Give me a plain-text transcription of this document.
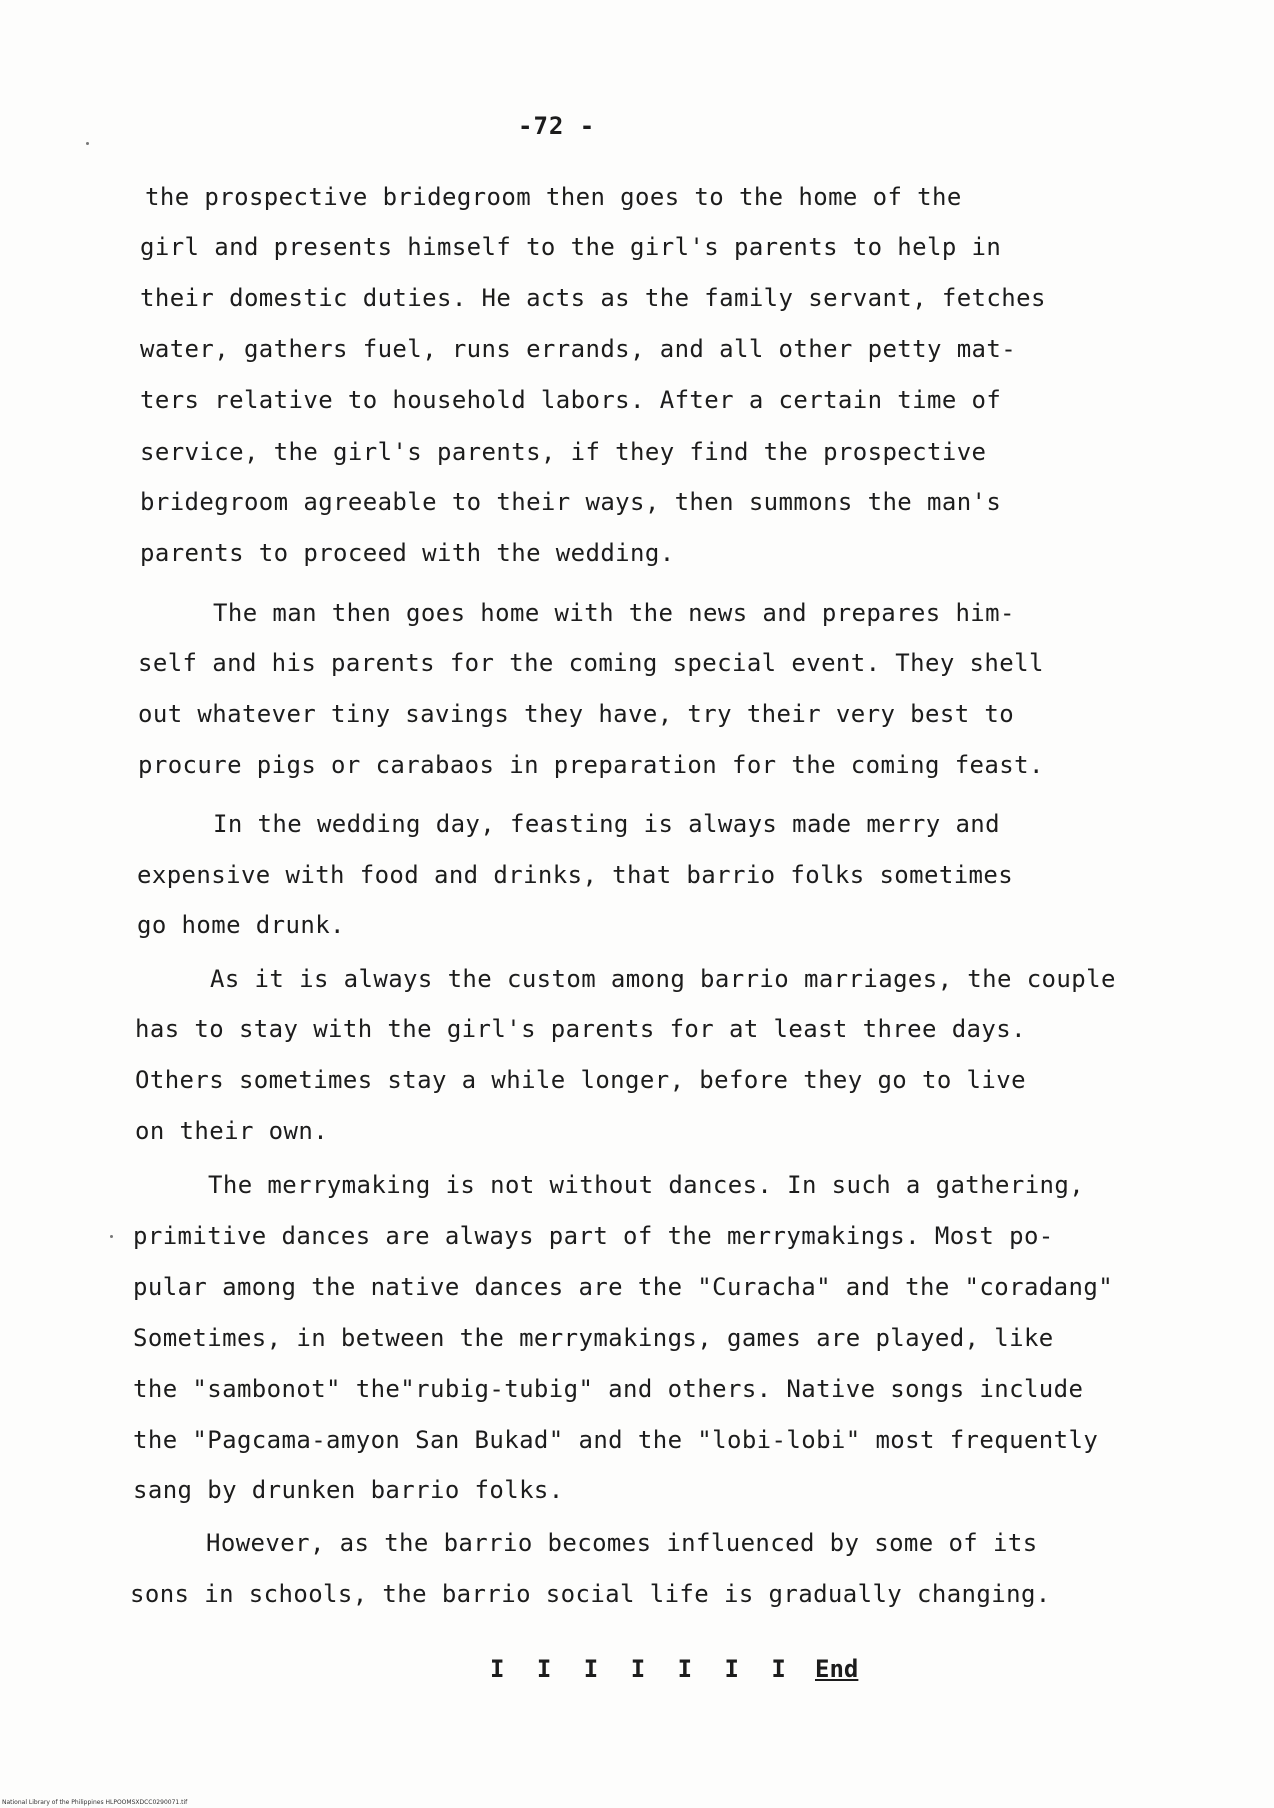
-72 -
the prospective bridegroom then goes to the home of the
girl and presents himself to the girl's parents to help in
their domestic duties. He acts as the family servant, fetches
water, gathers fuel, runs errands, and all other petty mat-
ters relative to household labors. After a certain time of
service, the girl's parents, if they find the prospective
bridegroom agreeable to their ways, then summons the man's
parents to proceed with the wedding.
The man then goes home with the news and prepares him-
self and his parents for the coming special event. They shell
out whatever tiny savings they have, try their very best to
procure pigs or carabaos in preparation for the coming feast.
In the wedding day, feasting is always made merry and
expensive with food and drinks, that barrio folks sometimes
go home drunk.
As it is always the custom among barrio marriages, the couple
has to stay with the girl's parents for at least three days.
Others sometimes stay a while longer, before they go to live
on their own.
The merrymaking is not without dances. In such a gathering,
primitive dances are always part of the merrymakings. Most po-
pular among the native dances are the "Curacha" and the "coradang"
Sometimes, in between the merrymakings, games are played, like
the "sambonot" the"rubig-tubig" and others. Native songs include
the "Pagcama-amyon San Bukad" and the "lobi-lobi" most frequently
sang by drunken barrio folks.
However, as the barrio becomes influenced by some of its
sons in schools, the barrio social life is gradually changing.
I I I I I I I End
National Library of the Philippines HLPOOMSXDCC0290071.tif
